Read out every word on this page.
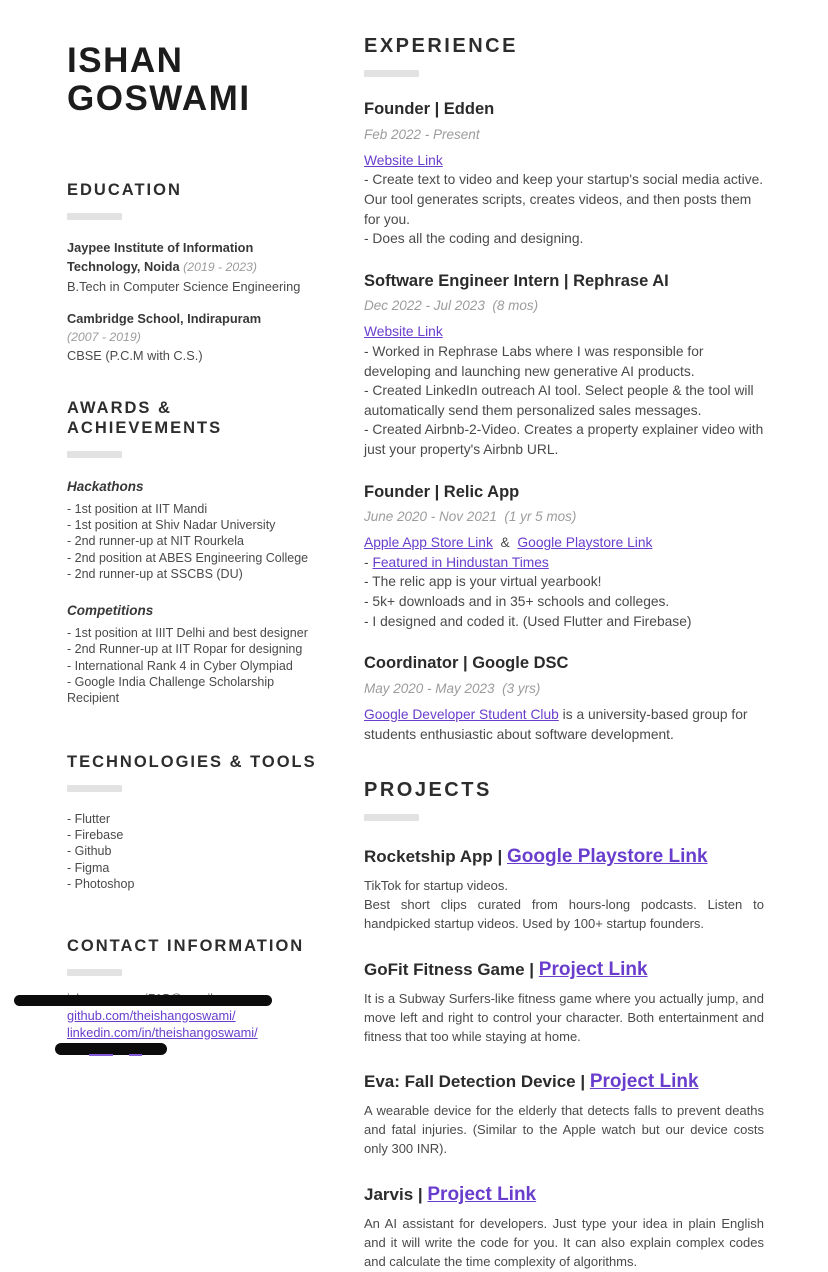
ISHAN
GOSWAMI
EDUCATION
Jaypee Institute of Information Technology, Noida (2019 - 2023)
B.Tech in Computer Science Engineering
Cambridge School, Indirapuram
(2007 - 2019)
CBSE (P.C.M with C.S.)
AWARDS &
ACHIEVEMENTS
Hackathons
- 1st position at IIT Mandi
- 1st position at Shiv Nadar University
- 2nd runner-up at NIT Rourkela
- 2nd position at ABES Engineering College
- 2nd runner-up at SSCBS (DU)
Competitions
- 1st position at IIIT Delhi and best designer
- 2nd Runner-up at IIT Ropar for designing
- International Rank 4 in Cyber Olympiad
- Google India Challenge Scholarship Recipient
TECHNOLOGIES & TOOLS
- Flutter
- Firebase
- Github
- Figma
- Photoshop
CONTACT INFORMATION
github.com/theishangoswami/
linkedin.com/in/theishangoswami/
EXPERIENCE
Founder | Edden
Feb 2022 - Present
Website Link
- Create text to video and keep your startup's social media active. Our tool generates scripts, creates videos, and then posts them for you.
- Does all the coding and designing.
Software Engineer Intern | Rephrase AI
Dec 2022 - Jul 2023  (8 mos)
Website Link
- Worked in Rephrase Labs where I was responsible for developing and launching new generative AI products.
- Created LinkedIn outreach AI tool. Select people & the tool will automatically send them personalized sales messages.
- Created Airbnb-2-Video. Creates a property explainer video with just your property's Airbnb URL.
Founder | Relic App
June 2020 - Nov 2021  (1 yr 5 mos)
Apple App Store Link  &  Google Playstore Link
- Featured in Hindustan Times
- The relic app is your virtual yearbook!
- 5k+ downloads and in 35+ schools and colleges.
- I designed and coded it. (Used Flutter and Firebase)
Coordinator | Google DSC
May 2020 - May 2023  (3 yrs)
Google Developer Student Club is a university-based group for students enthusiastic about software development.
PROJECTS
Rocketship App | Google Playstore Link
TikTok for startup videos.
Best short clips curated from hours-long podcasts. Listen to handpicked startup videos. Used by 100+ startup founders.
GoFit Fitness Game | Project Link
It is a Subway Surfers-like fitness game where you actually jump, and move left and right to control your character. Both entertainment and fitness that too while staying at home.
Eva: Fall Detection Device | Project Link
A wearable device for the elderly that detects falls to prevent deaths and fatal injuries. (Similar to the Apple watch but our device costs only 300 INR).
Jarvis | Project Link
An AI assistant for developers. Just type your idea in plain English and it will write the code for you. It can also explain complex codes and calculate the time complexity of algorithms.
